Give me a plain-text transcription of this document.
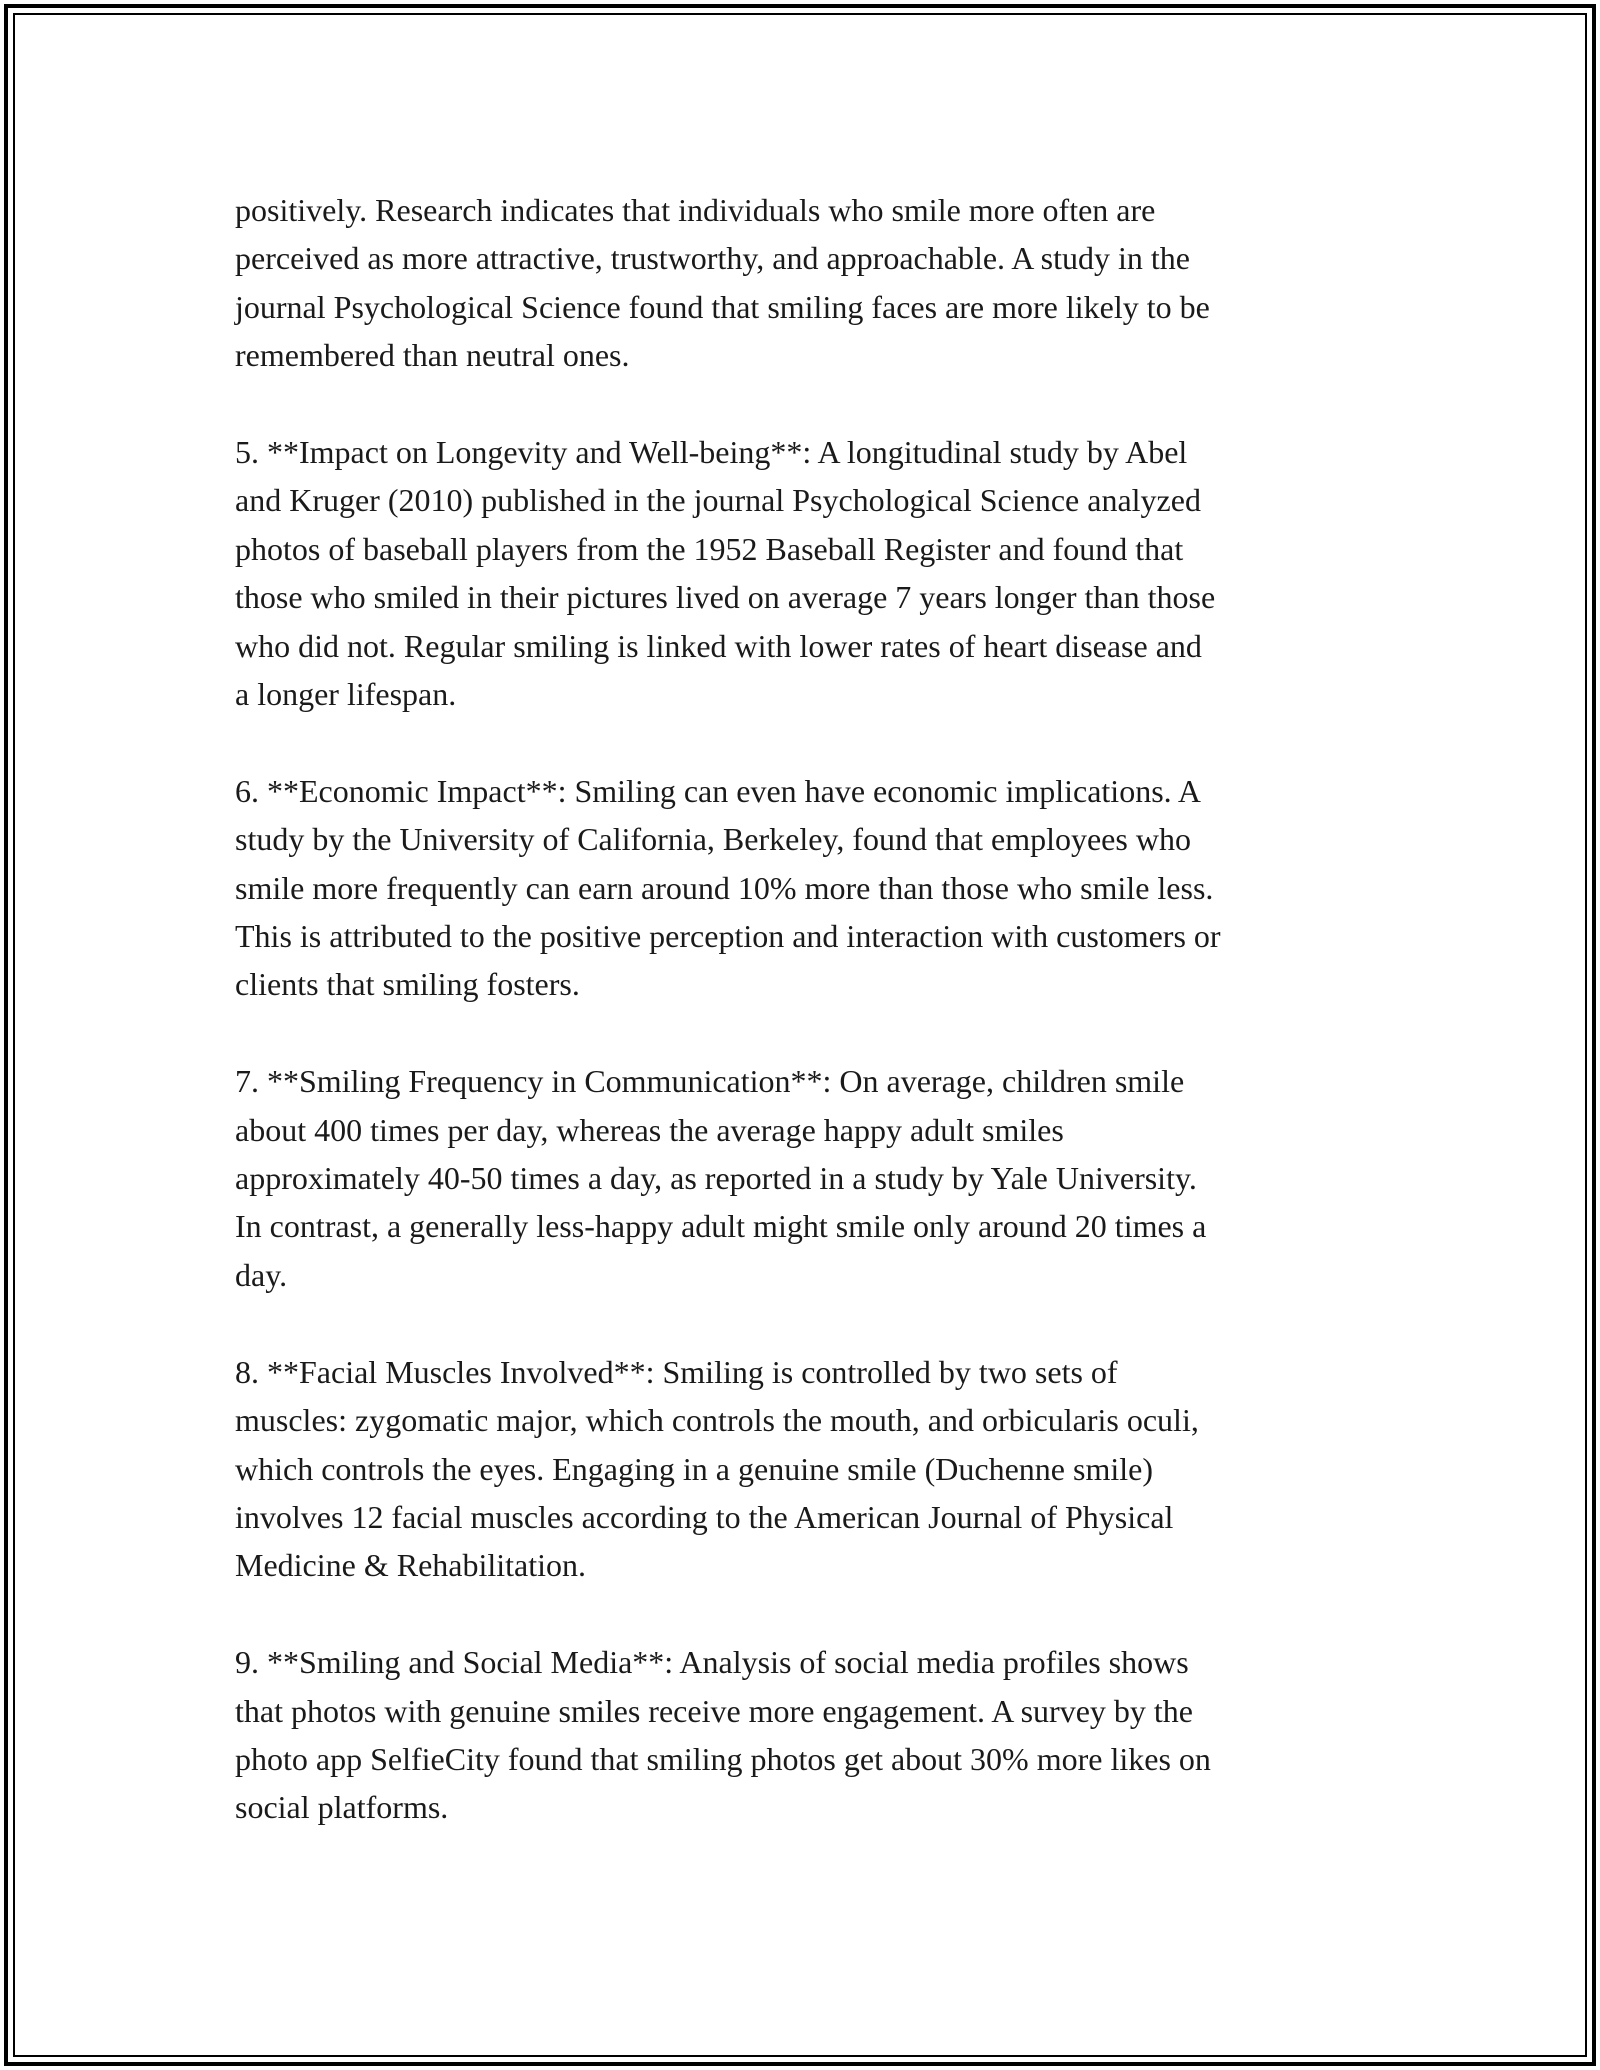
positively. Research indicates that individuals who smile more often are
perceived as more attractive, trustworthy, and approachable. A study in the
journal Psychological Science found that smiling faces are more likely to be
remembered than neutral ones.

5. **Impact on Longevity and Well-being**: A longitudinal study by Abel
and Kruger (2010) published in the journal Psychological Science analyzed
photos of baseball players from the 1952 Baseball Register and found that
those who smiled in their pictures lived on average 7 years longer than those
who did not. Regular smiling is linked with lower rates of heart disease and
a longer lifespan.

6. **Economic Impact**: Smiling can even have economic implications. A
study by the University of California, Berkeley, found that employees who
smile more frequently can earn around 10% more than those who smile less.
This is attributed to the positive perception and interaction with customers or
clients that smiling fosters.

7. **Smiling Frequency in Communication**: On average, children smile
about 400 times per day, whereas the average happy adult smiles
approximately 40-50 times a day, as reported in a study by Yale University.
In contrast, a generally less-happy adult might smile only around 20 times a
day.

8. **Facial Muscles Involved**: Smiling is controlled by two sets of
muscles: zygomatic major, which controls the mouth, and orbicularis oculi,
which controls the eyes. Engaging in a genuine smile (Duchenne smile)
involves 12 facial muscles according to the American Journal of Physical
Medicine & Rehabilitation.

9. **Smiling and Social Media**: Analysis of social media profiles shows
that photos with genuine smiles receive more engagement. A survey by the
photo app SelfieCity found that smiling photos get about 30% more likes on
social platforms.
